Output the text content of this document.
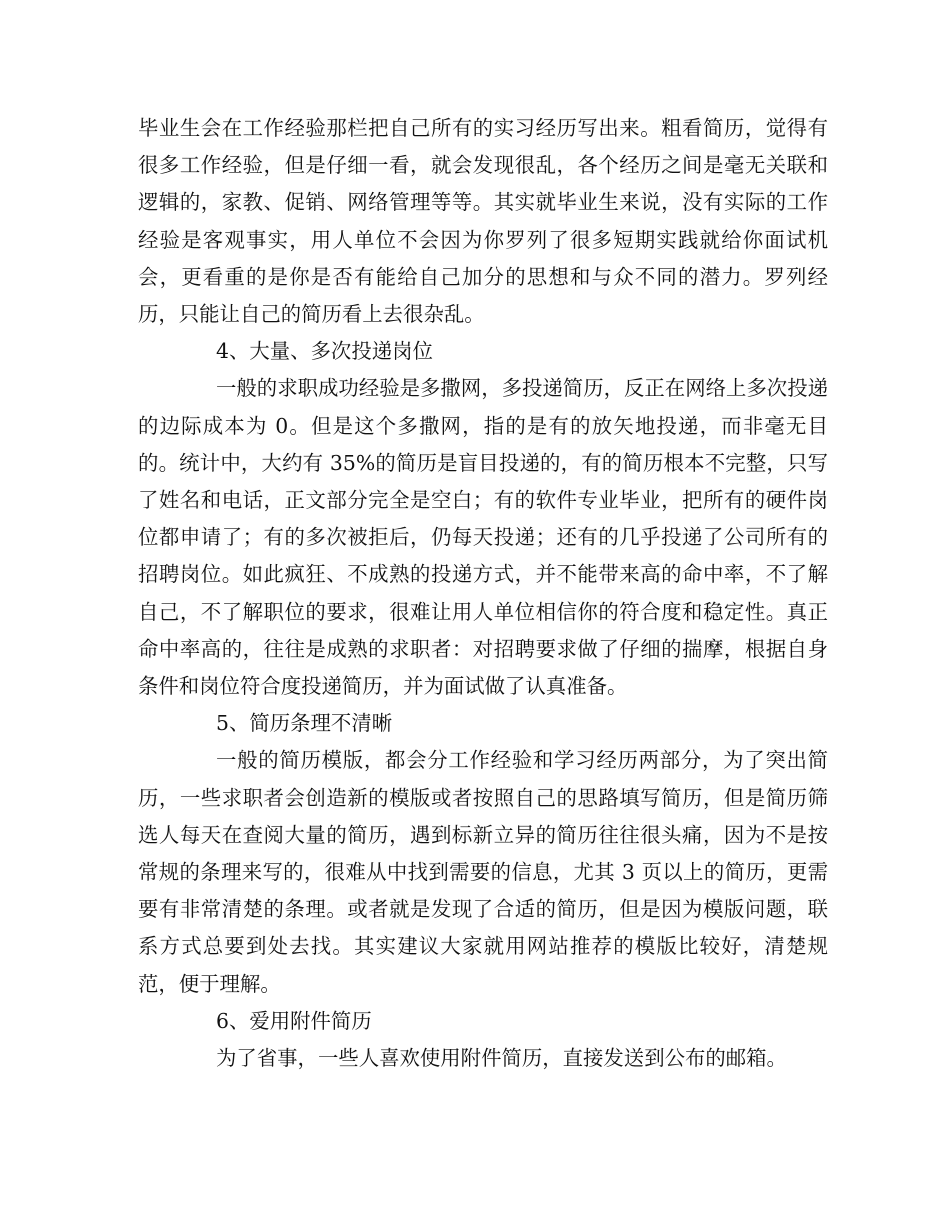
毕业生会在工作经验那栏把自己所有的实习经历写出来。粗看简历，觉得有很多工作经验，但是仔细一看，就会发现很乱，各个经历之间是毫无关联和逻辑的，家教、促销、网络管理等等。其实就毕业生来说，没有实际的工作经验是客观事实，用人单位不会因为你罗列了很多短期实践就给你面试机会，更看重的是你是否有能给自己加分的思想和与众不同的潜力。罗列经历，只能让自己的简历看上去很杂乱。

4、大量、多次投递岗位

一般的求职成功经验是多撒网，多投递简历，反正在网络上多次投递的边际成本为 0。但是这个多撒网，指的是有的放矢地投递，而非毫无目的。统计中，大约有 35%的简历是盲目投递的，有的简历根本不完整，只写了姓名和电话，正文部分完全是空白；有的软件专业毕业，把所有的硬件岗位都申请了；有的多次被拒后，仍每天投递；还有的几乎投递了公司所有的招聘岗位。如此疯狂、不成熟的投递方式，并不能带来高的命中率，不了解自己，不了解职位的要求，很难让用人单位相信你的符合度和稳定性。真正命中率高的，往往是成熟的求职者：对招聘要求做了仔细的揣摩，根据自身条件和岗位符合度投递简历，并为面试做了认真准备。

5、简历条理不清晰

一般的简历模版，都会分工作经验和学习经历两部分，为了突出简历，一些求职者会创造新的模版或者按照自己的思路填写简历，但是简历筛选人每天在查阅大量的简历，遇到标新立异的简历往往很头痛，因为不是按常规的条理来写的，很难从中找到需要的信息，尤其 3 页以上的简历，更需要有非常清楚的条理。或者就是发现了合适的简历，但是因为模版问题，联系方式总要到处去找。其实建议大家就用网站推荐的模版比较好，清楚规范，便于理解。

6、爱用附件简历

为了省事，一些人喜欢使用附件简历，直接发送到公布的邮箱。
